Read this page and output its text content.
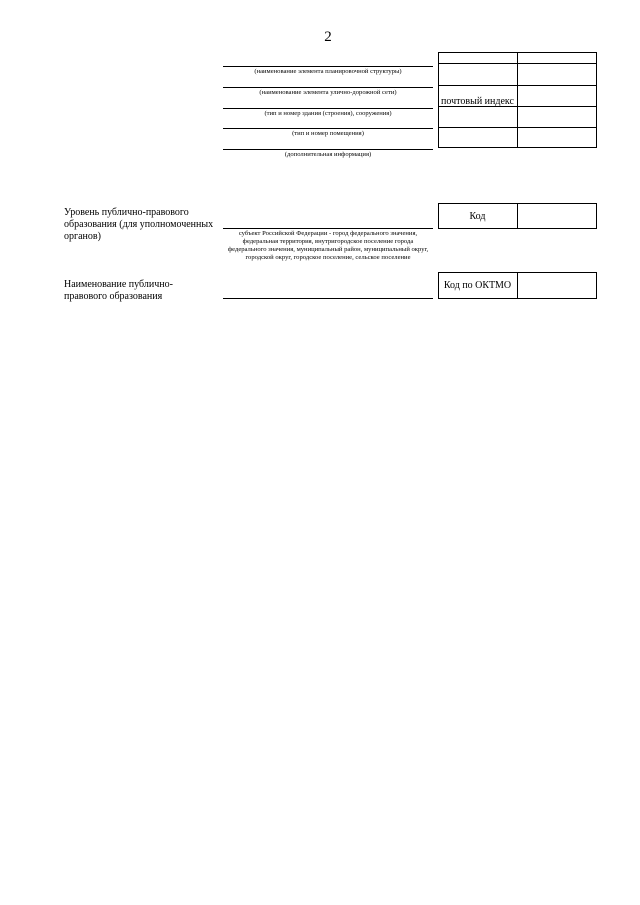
2
(наименование элемента планировочной структуры)
(наименование элемента улично-дорожной сети)
(тип и номер здания (строения), сооружения)
(тип и номер помещения)
(дополнительная информация)
почтовый индекс
Уровень публично-правового образования (для уполномоченных органов)	субъект Российской Федерации - город федерального значения, федеральная территория, внутригородское поселение города федерального значения, муниципальный район, муниципальный округ, городской округ, городское поселение, сельское поселение
Код
Наименование публично-правового образования
Код по ОКТМО
